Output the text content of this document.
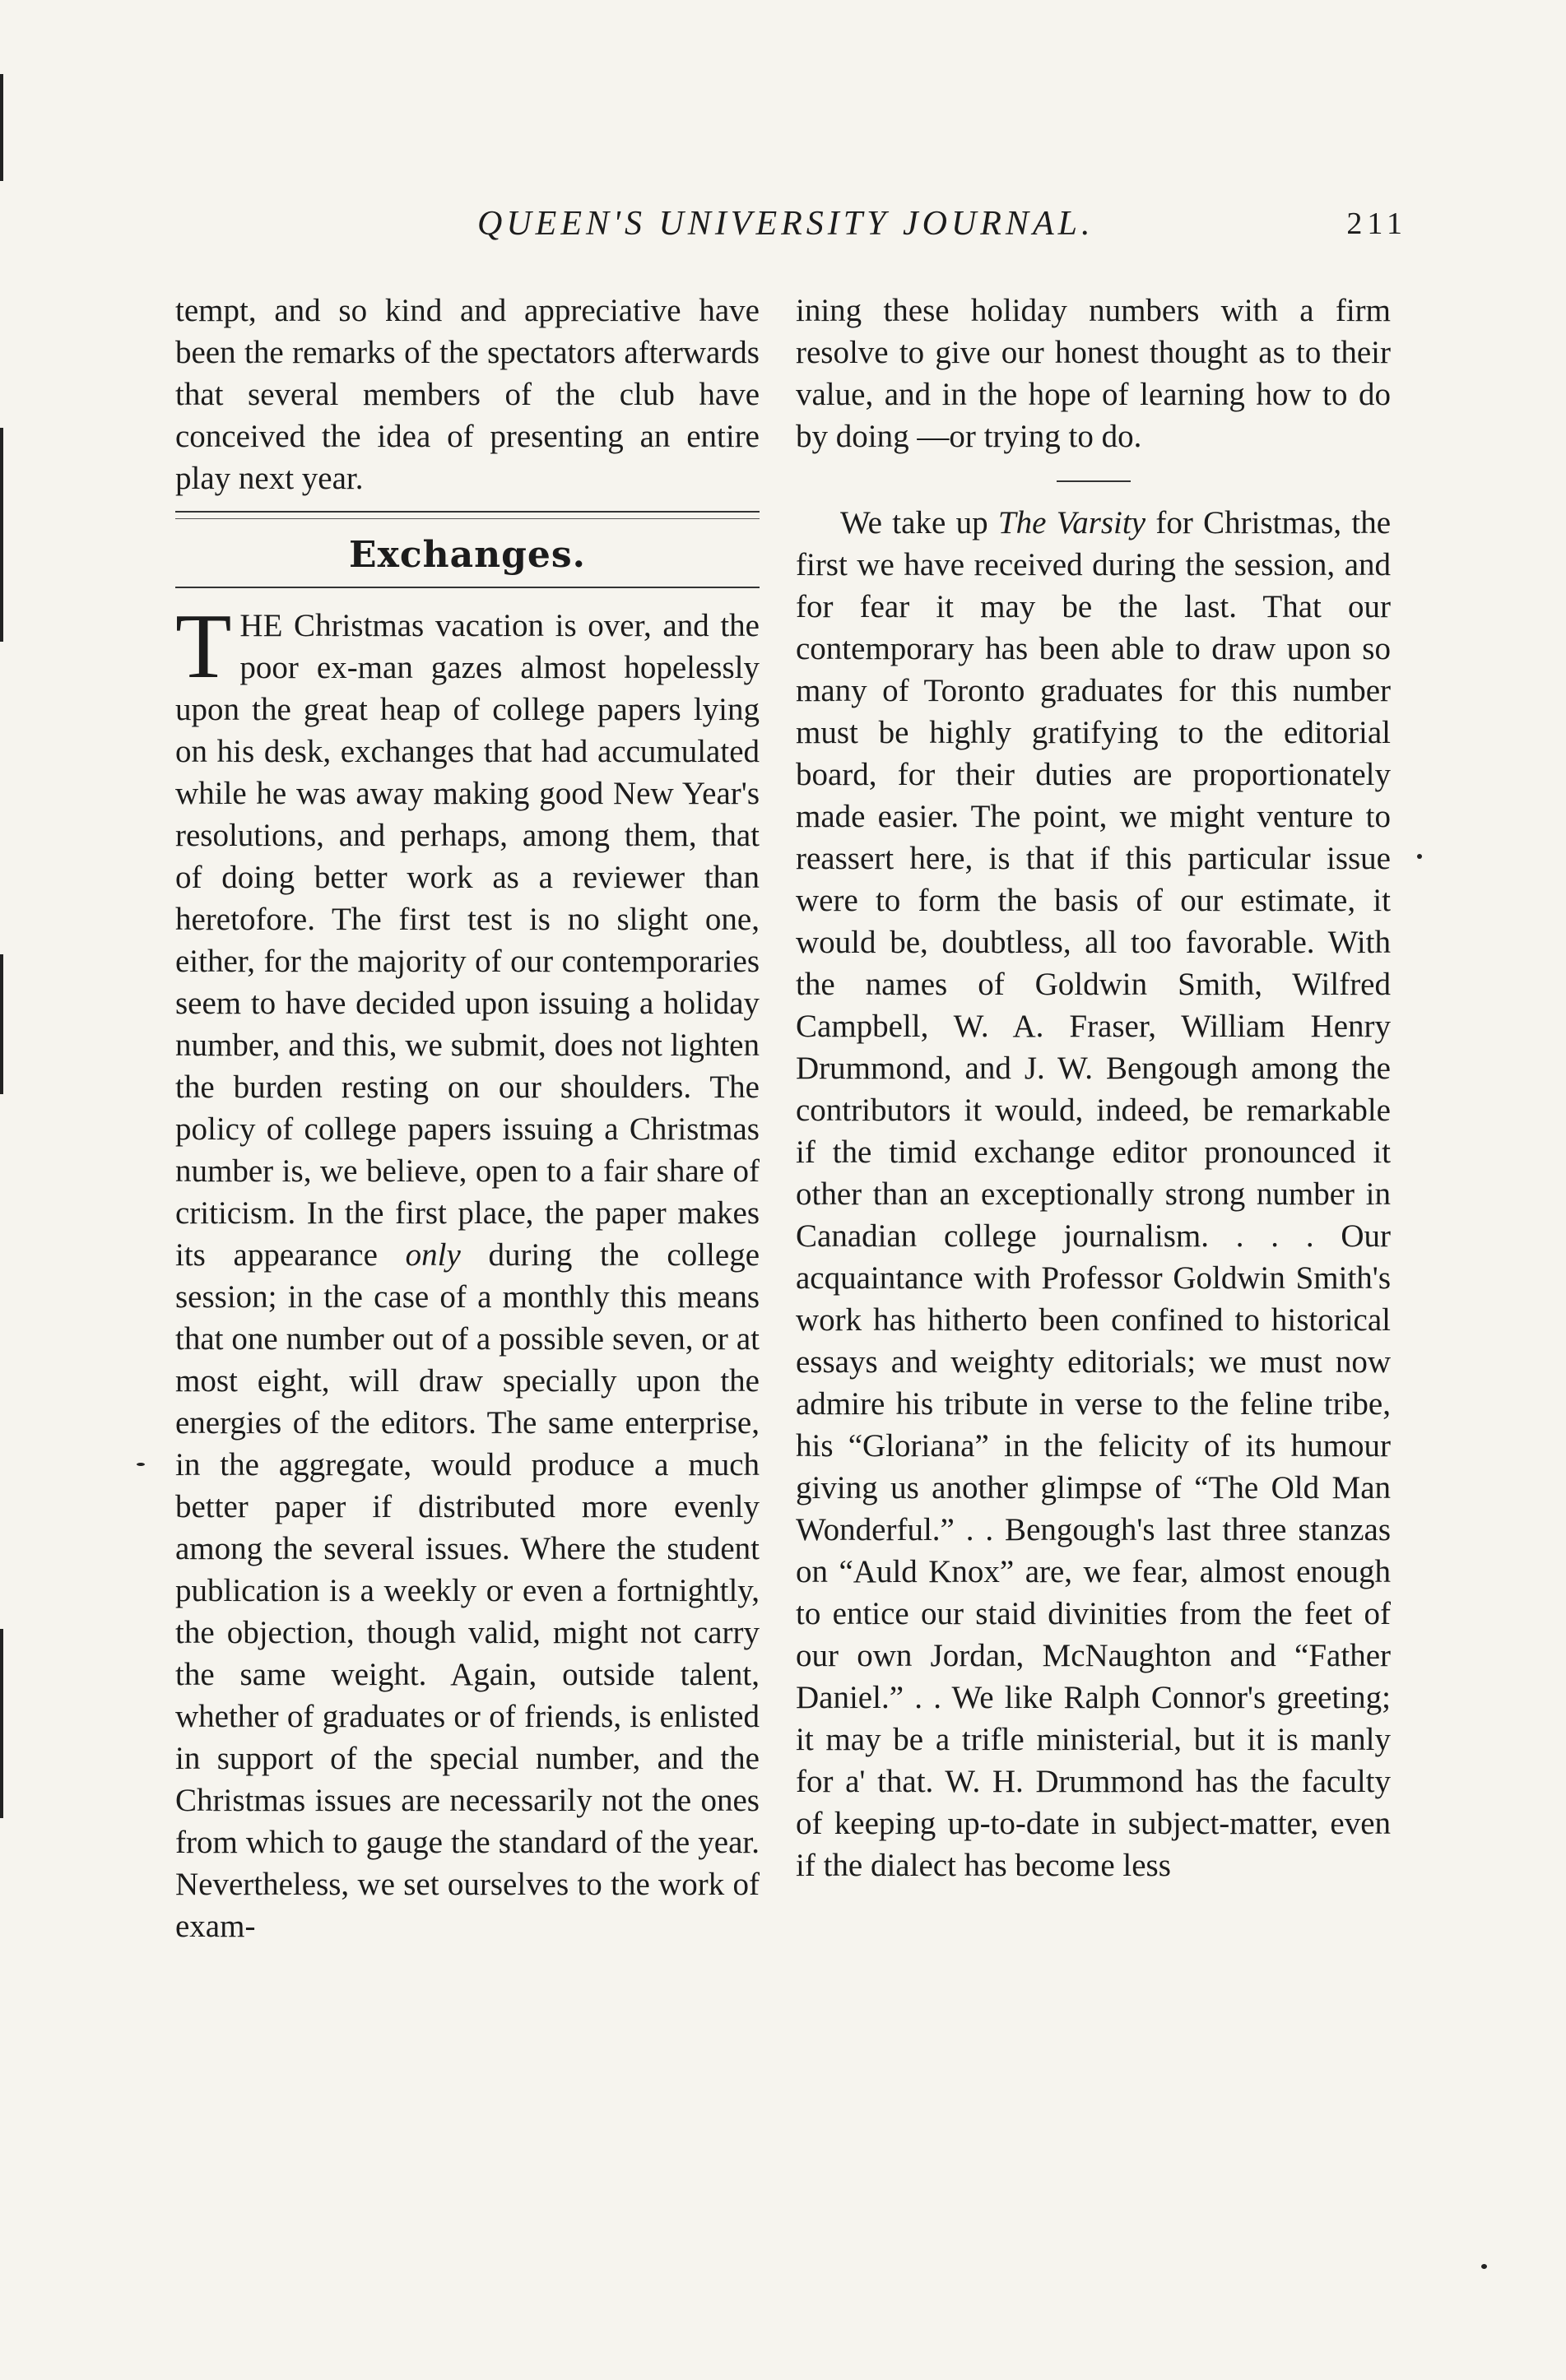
QUEEN'S UNIVERSITY JOURNAL.	211

tempt, and so kind and appreciative have been the remarks of the spectators afterwards that several members of the club have conceived the idea of presenting an entire play next year.

Exchanges.

THE Christmas vacation is over, and the poor ex-man gazes almost hopelessly upon the great heap of college papers lying on his desk, exchanges that had accumulated while he was away making good New Year's resolutions, and perhaps, among them, that of doing better work as a reviewer than heretofore. The first test is no slight one, either, for the majority of our contemporaries seem to have decided upon issuing a holiday number, and this, we submit, does not lighten the burden resting on our shoulders. The policy of college papers issuing a Christmas number is, we believe, open to a fair share of criticism. In the first place, the paper makes its appearance only during the college session; in the case of a monthly this means that one number out of a possible seven, or at most eight, will draw specially upon the energies of the editors. The same enterprise, in the aggregate, would produce a much better paper if distributed more evenly among the several issues. Where the student publication is a weekly or even a fortnightly, the objection, though valid, might not carry the same weight. Again, outside talent, whether of graduates or of friends, is enlisted in support of the special number, and the Christmas issues are necessarily not the ones from which to gauge the standard of the year. Nevertheless, we set ourselves to the work of exam-

ining these holiday numbers with a firm resolve to give our honest thought as to their value, and in the hope of learning how to do by doing —or trying to do.

We take up The Varsity for Christmas, the first we have received during the session, and for fear it may be the last. That our contemporary has been able to draw upon so many of Toronto graduates for this number must be highly gratifying to the editorial board, for their duties are proportionately made easier. The point, we might venture to reassert here, is that if this particular issue were to form the basis of our estimate, it would be, doubtless, all too favorable. With the names of Goldwin Smith, Wilfred Campbell, W. A. Fraser, William Henry Drummond, and J. W. Bengough among the contributors it would, indeed, be remarkable if the timid exchange editor pronounced it other than an exceptionally strong number in Canadian college journalism. . . . Our acquaintance with Professor Goldwin Smith's work has hitherto been confined to historical essays and weighty editorials; we must now admire his tribute in verse to the feline tribe, his “Gloriana” in the felicity of its humour giving us another glimpse of “The Old Man Wonderful.” . . Bengough's last three stanzas on “Auld Knox” are, we fear, almost enough to entice our staid divinities from the feet of our own Jordan, McNaughton and “Father Daniel.” . . We like Ralph Connor's greeting; it may be a trifle ministerial, but it is manly for a' that. W. H. Drummond has the faculty of keeping up-to-date in subject-matter, even if the dialect has become less
